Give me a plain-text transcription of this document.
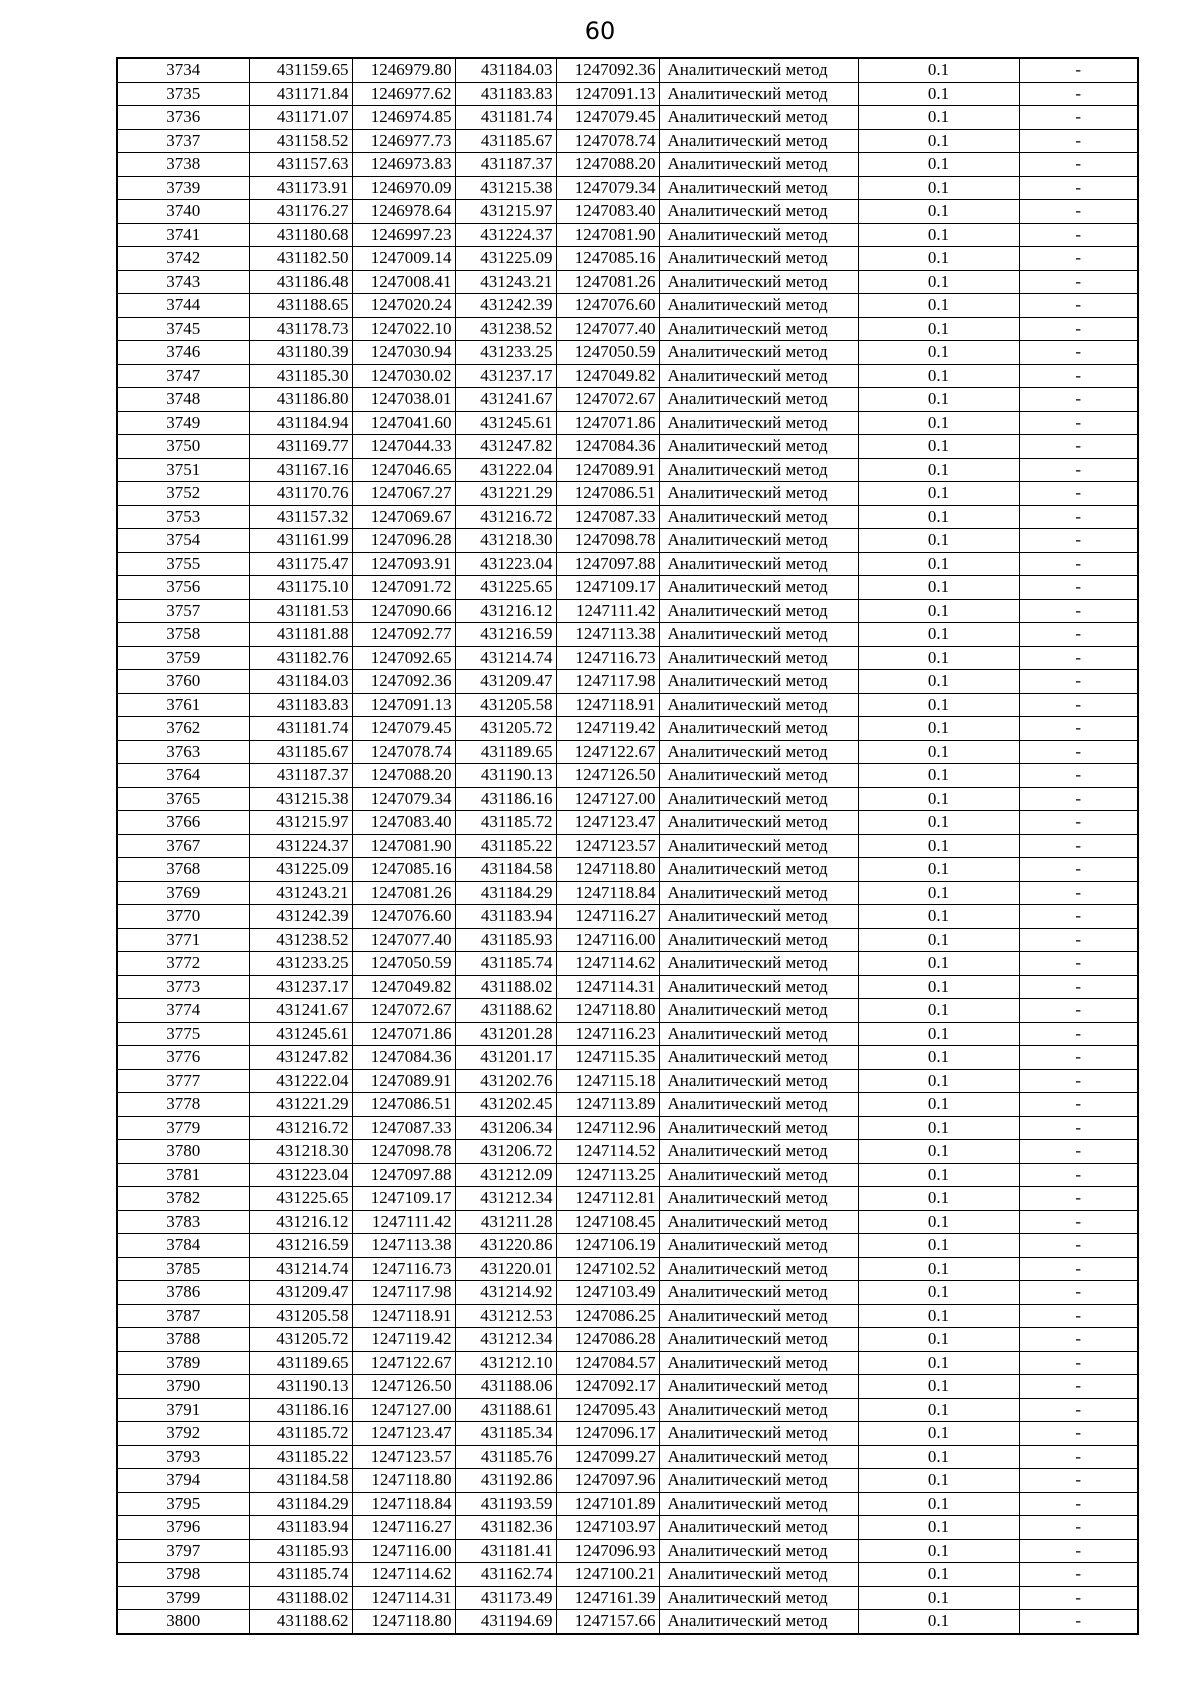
60
3734	431159.65	1246979.80	431184.03	1247092.36	Аналитический метод	0.1	-
3735	431171.84	1246977.62	431183.83	1247091.13	Аналитический метод	0.1	-
3736	431171.07	1246974.85	431181.74	1247079.45	Аналитический метод	0.1	-
3737	431158.52	1246977.73	431185.67	1247078.74	Аналитический метод	0.1	-
3738	431157.63	1246973.83	431187.37	1247088.20	Аналитический метод	0.1	-
3739	431173.91	1246970.09	431215.38	1247079.34	Аналитический метод	0.1	-
3740	431176.27	1246978.64	431215.97	1247083.40	Аналитический метод	0.1	-
3741	431180.68	1246997.23	431224.37	1247081.90	Аналитический метод	0.1	-
3742	431182.50	1247009.14	431225.09	1247085.16	Аналитический метод	0.1	-
3743	431186.48	1247008.41	431243.21	1247081.26	Аналитический метод	0.1	-
3744	431188.65	1247020.24	431242.39	1247076.60	Аналитический метод	0.1	-
3745	431178.73	1247022.10	431238.52	1247077.40	Аналитический метод	0.1	-
3746	431180.39	1247030.94	431233.25	1247050.59	Аналитический метод	0.1	-
3747	431185.30	1247030.02	431237.17	1247049.82	Аналитический метод	0.1	-
3748	431186.80	1247038.01	431241.67	1247072.67	Аналитический метод	0.1	-
3749	431184.94	1247041.60	431245.61	1247071.86	Аналитический метод	0.1	-
3750	431169.77	1247044.33	431247.82	1247084.36	Аналитический метод	0.1	-
3751	431167.16	1247046.65	431222.04	1247089.91	Аналитический метод	0.1	-
3752	431170.76	1247067.27	431221.29	1247086.51	Аналитический метод	0.1	-
3753	431157.32	1247069.67	431216.72	1247087.33	Аналитический метод	0.1	-
3754	431161.99	1247096.28	431218.30	1247098.78	Аналитический метод	0.1	-
3755	431175.47	1247093.91	431223.04	1247097.88	Аналитический метод	0.1	-
3756	431175.10	1247091.72	431225.65	1247109.17	Аналитический метод	0.1	-
3757	431181.53	1247090.66	431216.12	1247111.42	Аналитический метод	0.1	-
3758	431181.88	1247092.77	431216.59	1247113.38	Аналитический метод	0.1	-
3759	431182.76	1247092.65	431214.74	1247116.73	Аналитический метод	0.1	-
3760	431184.03	1247092.36	431209.47	1247117.98	Аналитический метод	0.1	-
3761	431183.83	1247091.13	431205.58	1247118.91	Аналитический метод	0.1	-
3762	431181.74	1247079.45	431205.72	1247119.42	Аналитический метод	0.1	-
3763	431185.67	1247078.74	431189.65	1247122.67	Аналитический метод	0.1	-
3764	431187.37	1247088.20	431190.13	1247126.50	Аналитический метод	0.1	-
3765	431215.38	1247079.34	431186.16	1247127.00	Аналитический метод	0.1	-
3766	431215.97	1247083.40	431185.72	1247123.47	Аналитический метод	0.1	-
3767	431224.37	1247081.90	431185.22	1247123.57	Аналитический метод	0.1	-
3768	431225.09	1247085.16	431184.58	1247118.80	Аналитический метод	0.1	-
3769	431243.21	1247081.26	431184.29	1247118.84	Аналитический метод	0.1	-
3770	431242.39	1247076.60	431183.94	1247116.27	Аналитический метод	0.1	-
3771	431238.52	1247077.40	431185.93	1247116.00	Аналитический метод	0.1	-
3772	431233.25	1247050.59	431185.74	1247114.62	Аналитический метод	0.1	-
3773	431237.17	1247049.82	431188.02	1247114.31	Аналитический метод	0.1	-
3774	431241.67	1247072.67	431188.62	1247118.80	Аналитический метод	0.1	-
3775	431245.61	1247071.86	431201.28	1247116.23	Аналитический метод	0.1	-
3776	431247.82	1247084.36	431201.17	1247115.35	Аналитический метод	0.1	-
3777	431222.04	1247089.91	431202.76	1247115.18	Аналитический метод	0.1	-
3778	431221.29	1247086.51	431202.45	1247113.89	Аналитический метод	0.1	-
3779	431216.72	1247087.33	431206.34	1247112.96	Аналитический метод	0.1	-
3780	431218.30	1247098.78	431206.72	1247114.52	Аналитический метод	0.1	-
3781	431223.04	1247097.88	431212.09	1247113.25	Аналитический метод	0.1	-
3782	431225.65	1247109.17	431212.34	1247112.81	Аналитический метод	0.1	-
3783	431216.12	1247111.42	431211.28	1247108.45	Аналитический метод	0.1	-
3784	431216.59	1247113.38	431220.86	1247106.19	Аналитический метод	0.1	-
3785	431214.74	1247116.73	431220.01	1247102.52	Аналитический метод	0.1	-
3786	431209.47	1247117.98	431214.92	1247103.49	Аналитический метод	0.1	-
3787	431205.58	1247118.91	431212.53	1247086.25	Аналитический метод	0.1	-
3788	431205.72	1247119.42	431212.34	1247086.28	Аналитический метод	0.1	-
3789	431189.65	1247122.67	431212.10	1247084.57	Аналитический метод	0.1	-
3790	431190.13	1247126.50	431188.06	1247092.17	Аналитический метод	0.1	-
3791	431186.16	1247127.00	431188.61	1247095.43	Аналитический метод	0.1	-
3792	431185.72	1247123.47	431185.34	1247096.17	Аналитический метод	0.1	-
3793	431185.22	1247123.57	431185.76	1247099.27	Аналитический метод	0.1	-
3794	431184.58	1247118.80	431192.86	1247097.96	Аналитический метод	0.1	-
3795	431184.29	1247118.84	431193.59	1247101.89	Аналитический метод	0.1	-
3796	431183.94	1247116.27	431182.36	1247103.97	Аналитический метод	0.1	-
3797	431185.93	1247116.00	431181.41	1247096.93	Аналитический метод	0.1	-
3798	431185.74	1247114.62	431162.74	1247100.21	Аналитический метод	0.1	-
3799	431188.02	1247114.31	431173.49	1247161.39	Аналитический метод	0.1	-
3800	431188.62	1247118.80	431194.69	1247157.66	Аналитический метод	0.1	-
